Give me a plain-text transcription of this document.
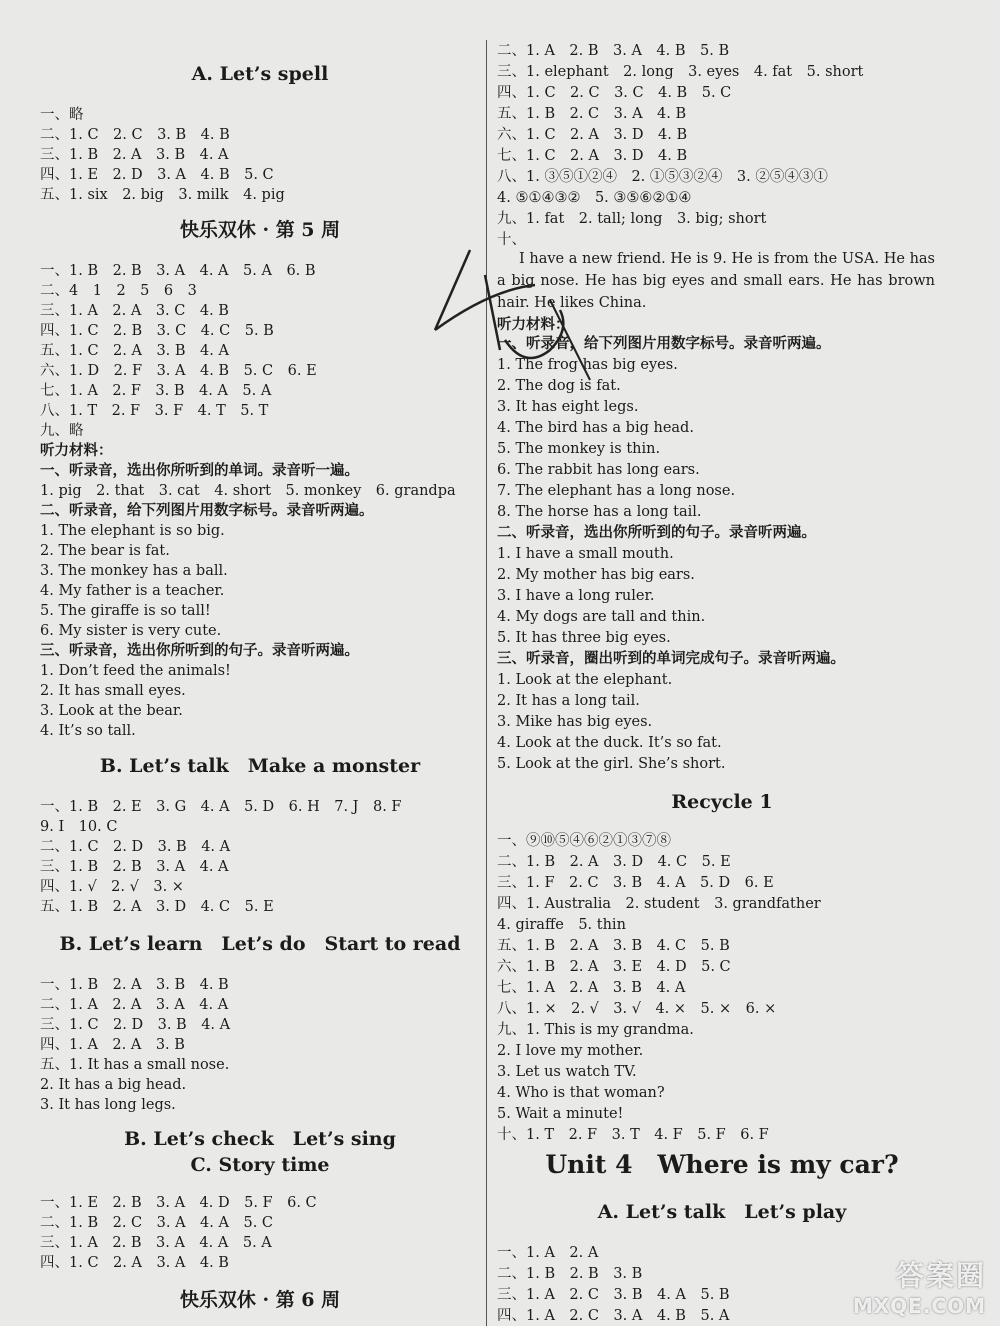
A. Let’s spell
一、略
二、1. C　2. C　3. B　4. B
三、1. B　2. A　3. B　4. A
四、1. E　2. D　3. A　4. B　5. C
五、1. six　2. big　3. milk　4. pig
快乐双休 · 第 5 周
一、1. B　2. B　3. A　4. A　5. A　6. B
二、4　1　2　5　6　3
三、1. A　2. A　3. C　4. B
四、1. C　2. B　3. C　4. C　5. B
五、1. C　2. A　3. B　4. A
六、1. D　2. F　3. A　4. B　5. C　6. E
七、1. A　2. F　3. B　4. A　5. A
八、1. T　2. F　3. F　4. T　5. T
九、略
听力材料：
一、听录音，选出你所听到的单词。录音听一遍。
1. pig　2. that　3. cat　4. short　5. monkey　6. grandpa
二、听录音，给下列图片用数字标号。录音听两遍。
1. The elephant is so big.
2. The bear is fat.
3. The monkey has a ball.
4. My father is a teacher.
5. The giraffe is so tall!
6. My sister is very cute.
三、听录音，选出你所听到的句子。录音听两遍。
1. Don’t feed the animals!
2. It has small eyes.
3. Look at the bear.
4. It’s so tall.
B. Let’s talk　Make a monster
一、1. B　2. E　3. G　4. A　5. D　6. H　7. J　8. F
9. I　10. C
二、1. C　2. D　3. B　4. A
三、1. B　2. B　3. A　4. A
四、1. √　2. √　3. ×
五、1. B　2. A　3. D　4. C　5. E
B. Let’s learn　Let’s do　Start to read
一、1. B　2. A　3. B　4. B
二、1. A　2. A　3. A　4. A
三、1. C　2. D　3. B　4. A
四、1. A　2. A　3. B
五、1. It has a small nose.
2. It has a big head.
3. It has long legs.
B. Let’s check　Let’s sing
C. Story time
一、1. E　2. B　3. A　4. D　5. F　6. C
二、1. B　2. C　3. A　4. A　5. C
三、1. A　2. B　3. A　4. A　5. A
四、1. C　2. A　3. A　4. B
快乐双休 · 第 6 周
二、1. A　2. B　3. A　4. B　5. B
三、1. elephant　2. long　3. eyes　4. fat　5. short
四、1. C　2. C　3. C　4. B　5. C
五、1. B　2. C　3. A　4. B
六、1. C　2. A　3. D　4. B
七、1. C　2. A　3. D　4. B
八、1. ③⑤①②④　2. ①⑤③②④　3. ②⑤④③①
4. ⑤①④③②　5. ③⑤⑥②①④
九、1. fat　2. tall; long　3. big; short
十、
I have a new friend. He is 9. He is from the USA. He has a big nose. He has big eyes and small ears. He has brown hair. He likes China.
听力材料：
一、听录音，给下列图片用数字标号。录音听两遍。
1. The frog has big eyes.
2. The dog is fat.
3. It has eight legs.
4. The bird has a big head.
5. The monkey is thin.
6. The rabbit has long ears.
7. The elephant has a long nose.
8. The horse has a long tail.
二、听录音，选出你所听到的句子。录音听两遍。
1. I have a small mouth.
2. My mother has big ears.
3. I have a long ruler.
4. My dogs are tall and thin.
5. It has three big eyes.
三、听录音，圈出听到的单词完成句子。录音听两遍。
1. Look at the elephant.
2. It has a long tail.
3. Mike has big eyes.
4. Look at the duck. It’s so fat.
5. Look at the girl. She’s short.
Recycle 1
一、⑨⑩⑤④⑥②①③⑦⑧
二、1. B　2. A　3. D　4. C　5. E
三、1. F　2. C　3. B　4. A　5. D　6. E
四、1. Australia　2. student　3. grandfather
4. giraffe　5. thin
五、1. B　2. A　3. B　4. C　5. B
六、1. B　2. A　3. E　4. D　5. C
七、1. A　2. A　3. B　4. A
八、1. ×　2. √　3. √　4. ×　5. ×　6. ×
九、1. This is my grandma.
2. I love my mother.
3. Let us watch TV.
4. Who is that woman?
5. Wait a minute!
十、1. T　2. F　3. T　4. F　5. F　6. F
Unit 4　Where is my car?
A. Let’s talk　Let’s play
一、1. A　2. A
二、1. B　2. B　3. B
三、1. A　2. C　3. B　4. A　5. B
四、1. A　2. C　3. A　4. B　5. A
答案圈
MXQE.COM
